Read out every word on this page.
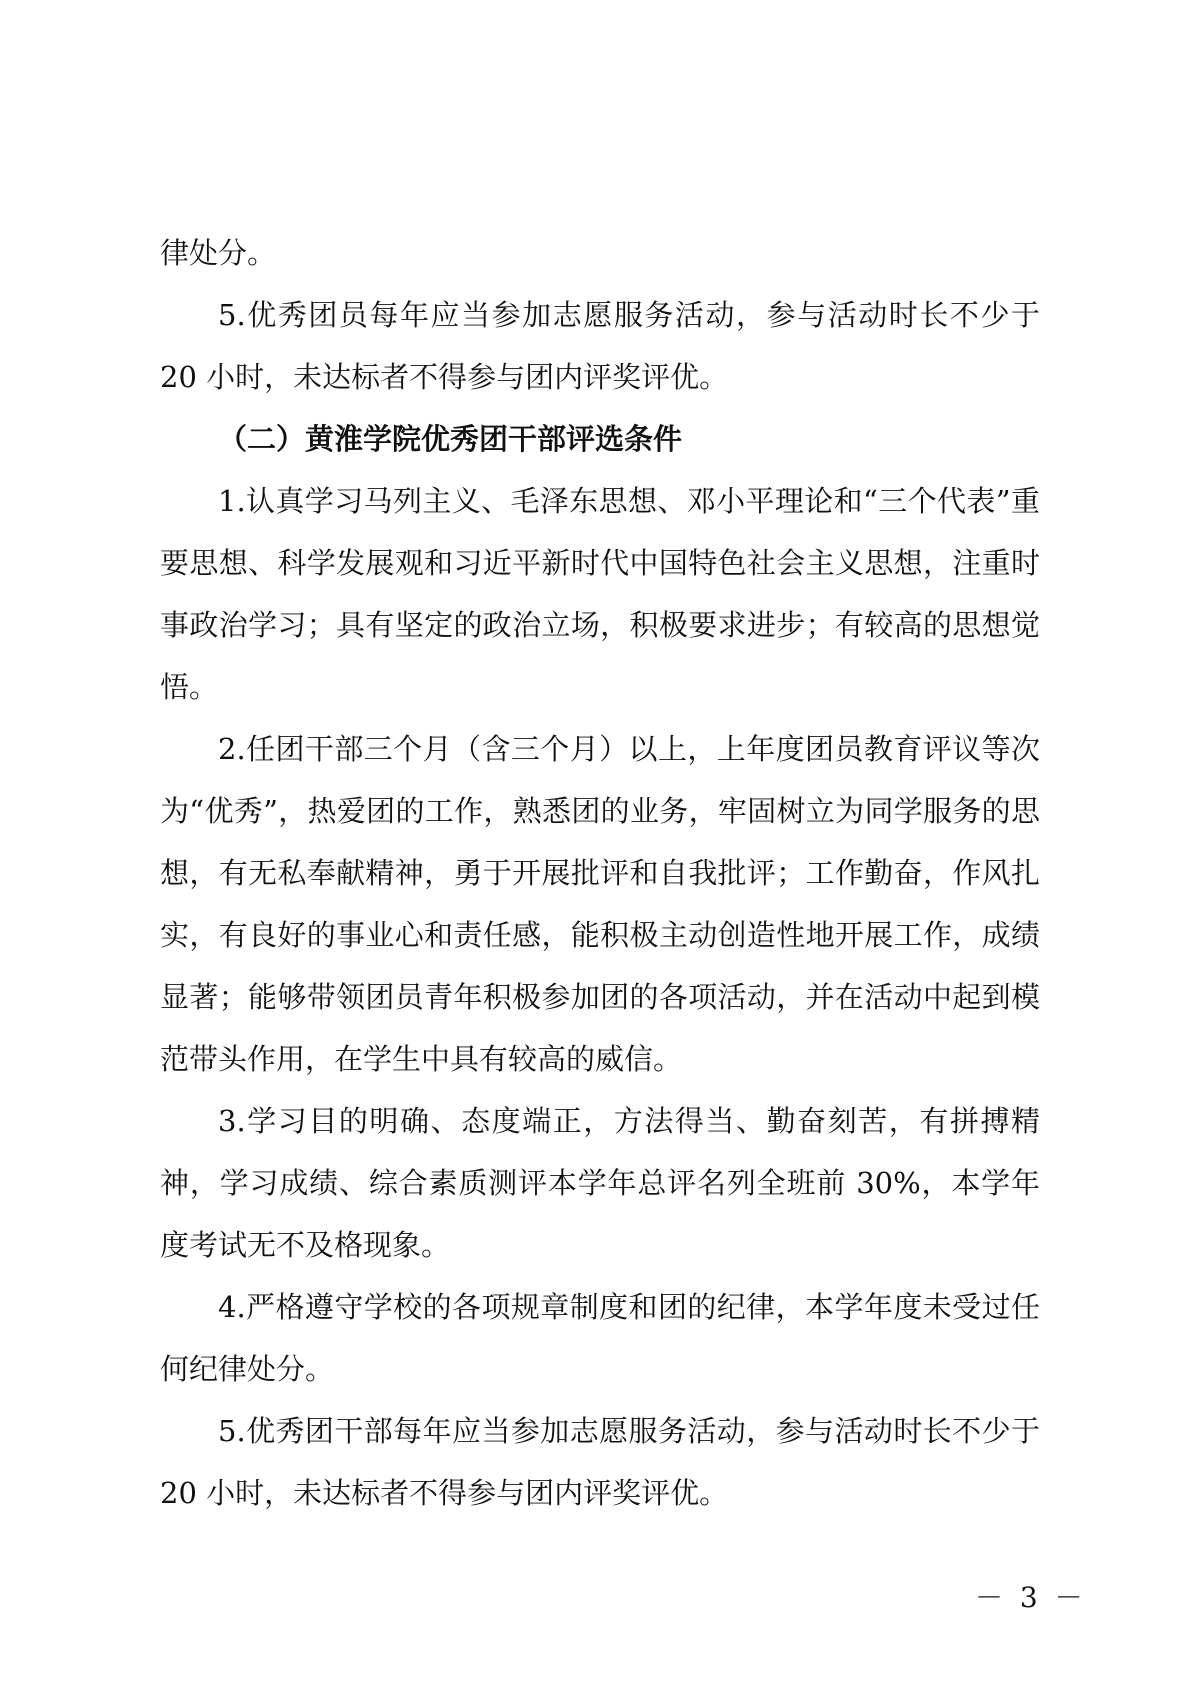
律处分。

5.优秀团员每年应当参加志愿服务活动，参与活动时长不少于 20 小时，未达标者不得参与团内评奖评优。

（二）黄淮学院优秀团干部评选条件

1.认真学习马列主义、毛泽东思想、邓小平理论和“三个代表”重要思想、科学发展观和习近平新时代中国特色社会主义思想，注重时事政治学习；具有坚定的政治立场，积极要求进步；有较高的思想觉悟。

2.任团干部三个月（含三个月）以上，上年度团员教育评议等次为“优秀”，热爱团的工作，熟悉团的业务，牢固树立为同学服务的思想，有无私奉献精神，勇于开展批评和自我批评；工作勤奋，作风扎实，有良好的事业心和责任感，能积极主动创造性地开展工作，成绩显著；能够带领团员青年积极参加团的各项活动，并在活动中起到模范带头作用，在学生中具有较高的威信。

3.学习目的明确、态度端正，方法得当、勤奋刻苦，有拼搏精神，学习成绩、综合素质测评本学年总评名列全班前 30%，本学年度考试无不及格现象。

4.严格遵守学校的各项规章制度和团的纪律，本学年度未受过任何纪律处分。

5.优秀团干部每年应当参加志愿服务活动，参与活动时长不少于 20 小时，未达标者不得参与团内评奖评优。

－ 3 －
